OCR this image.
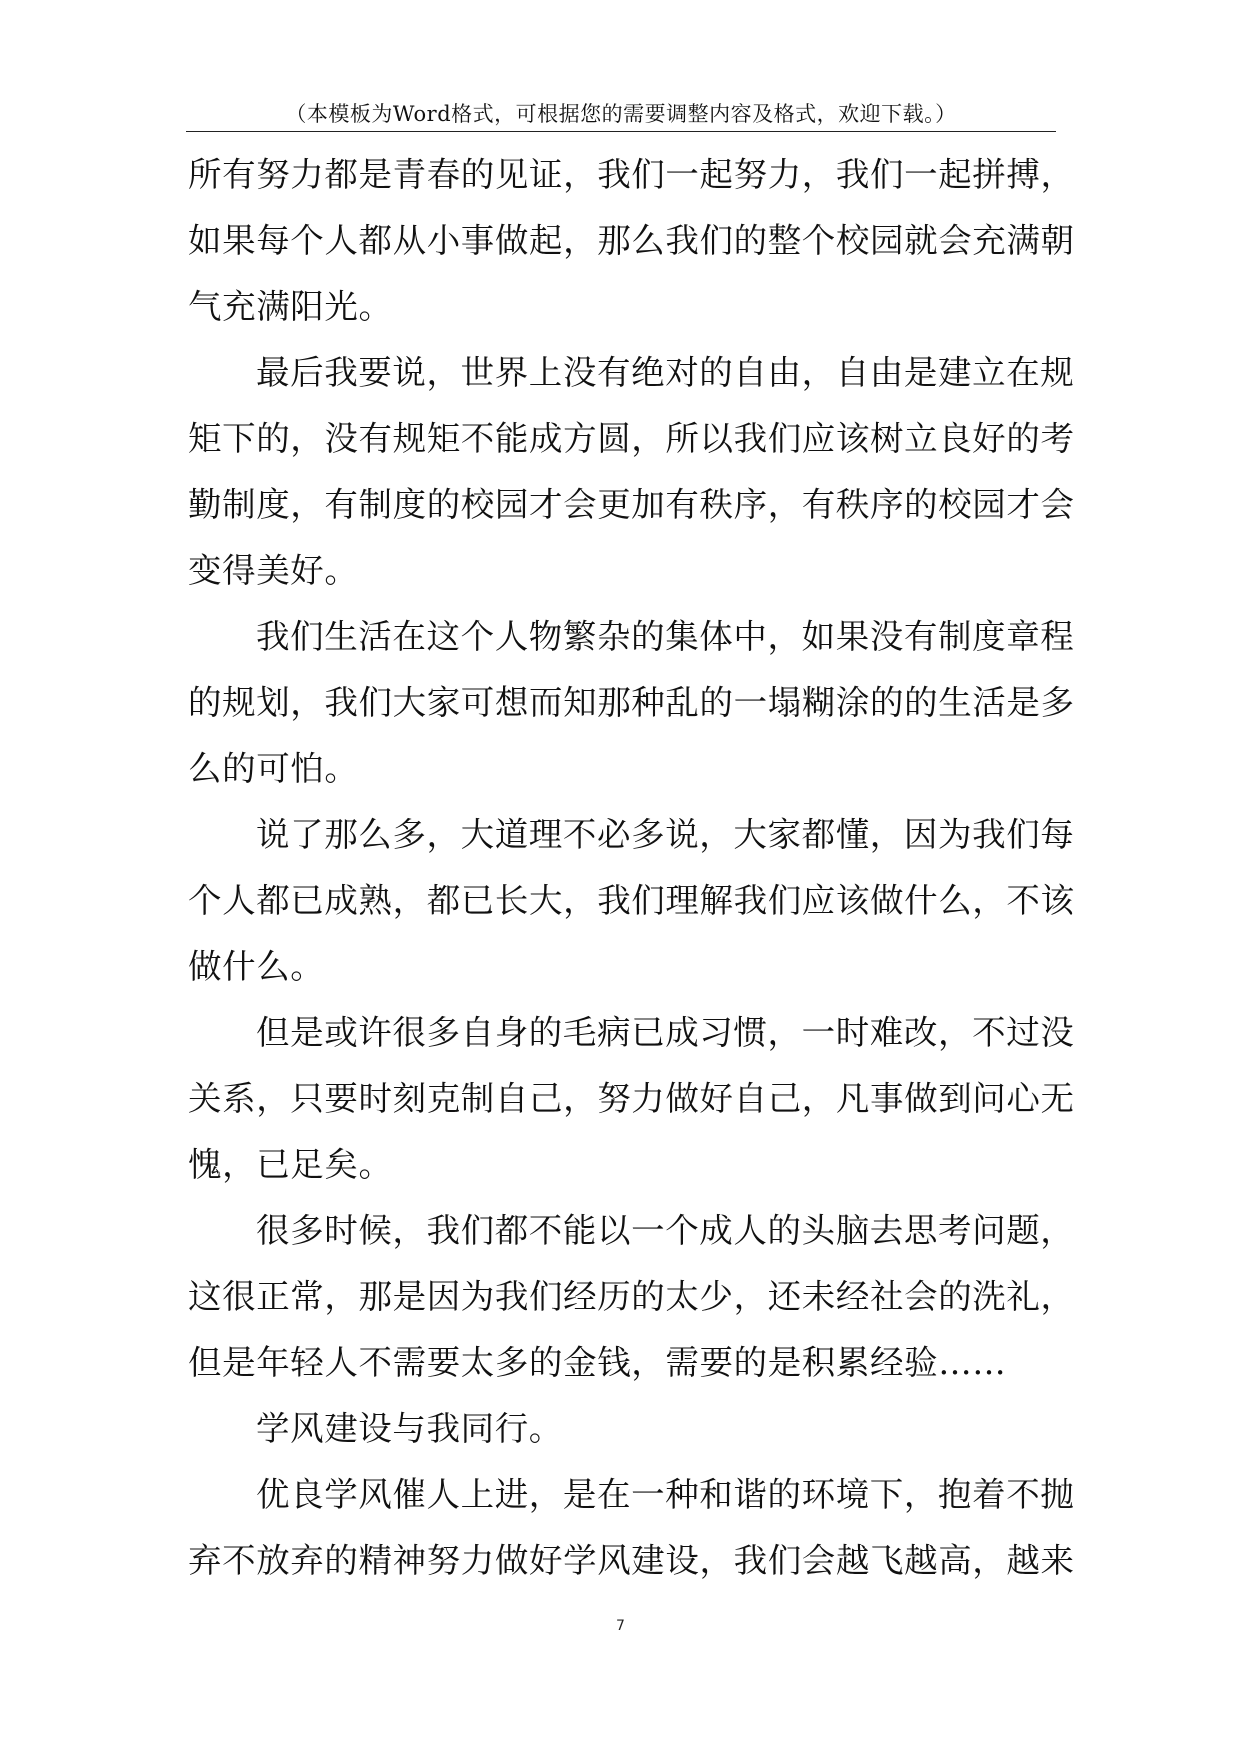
（本模板为Word格式，可根据您的需要调整内容及格式，欢迎下载。）
所有努力都是青春的见证，我们一起努力，我们一起拼搏，
如果每个人都从小事做起，那么我们的整个校园就会充满朝
气充满阳光。
最后我要说，世界上没有绝对的自由，自由是建立在规
矩下的，没有规矩不能成方圆，所以我们应该树立良好的考
勤制度，有制度的校园才会更加有秩序，有秩序的校园才会
变得美好。
我们生活在这个人物繁杂的集体中，如果没有制度章程
的规划，我们大家可想而知那种乱的一塌糊涂的的生活是多
么的可怕。
说了那么多，大道理不必多说，大家都懂，因为我们每
个人都已成熟，都已长大，我们理解我们应该做什么，不该
做什么。
但是或许很多自身的毛病已成习惯，一时难改，不过没
关系，只要时刻克制自己，努力做好自己，凡事做到问心无
愧，已足矣。
很多时候，我们都不能以一个成人的头脑去思考问题，
这很正常，那是因为我们经历的太少，还未经社会的洗礼，
但是年轻人不需要太多的金钱，需要的是积累经验……
学风建设与我同行。
优良学风催人上进，是在一种和谐的环境下，抱着不抛
弃不放弃的精神努力做好学风建设，我们会越飞越高，越来
7
